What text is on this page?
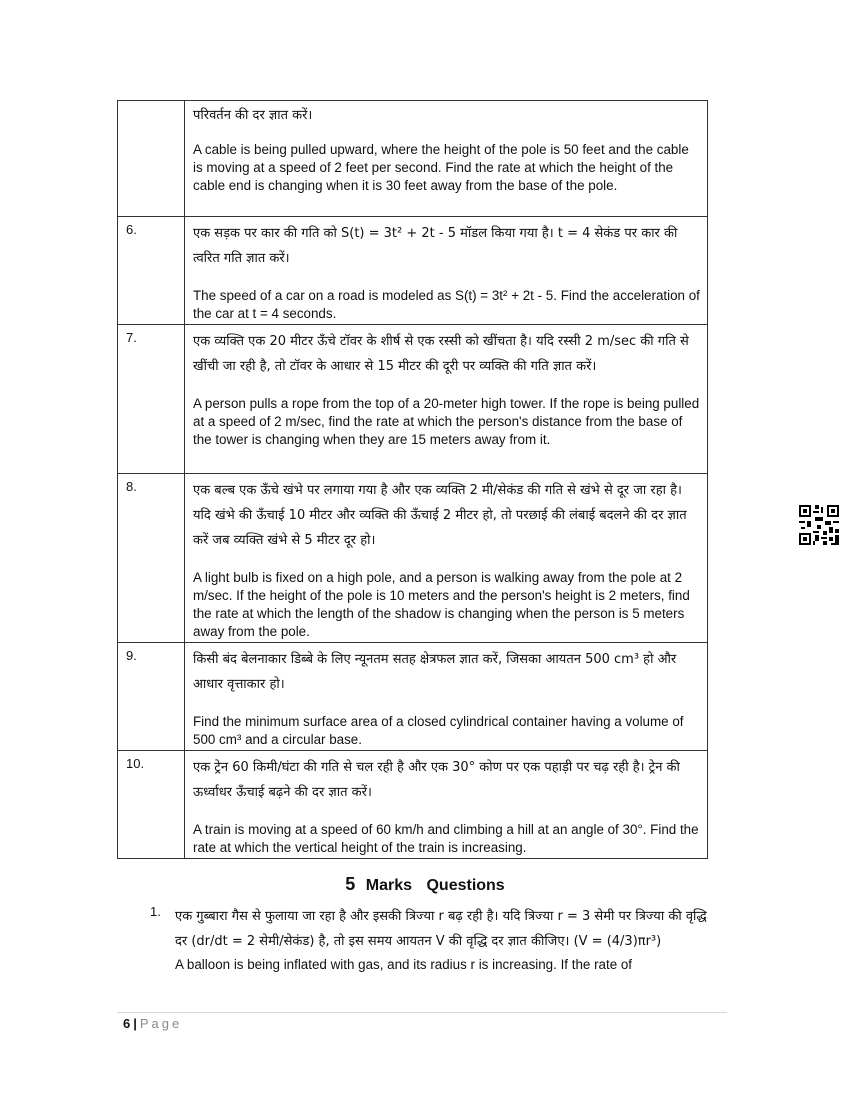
	परिवर्तन की दर ज्ञात करें।

A cable is being pulled upward, where the height of the pole is 50 feet and the cable is moving at a speed of 2 feet per second. Find the rate at which the height of the cable end is changing when it is 30 feet away from the base of the pole.

6.	एक सड़क पर कार की गति को S(t) = 3t² + 2t - 5 मॉडल किया गया है। t = 4 सेकंड पर कार की त्वरित गति ज्ञात करें।

The speed of a car on a road is modeled as S(t) = 3t² + 2t - 5. Find the acceleration of the car at t = 4 seconds.

7.	एक व्यक्ति एक 20 मीटर ऊँचे टॉवर के शीर्ष से एक रस्सी को खींचता है। यदि रस्सी 2 m/sec की गति से खींची जा रही है, तो टॉवर के आधार से 15 मीटर की दूरी पर व्यक्ति की गति ज्ञात करें।

A person pulls a rope from the top of a 20-meter high tower. If the rope is being pulled at a speed of 2 m/sec, find the rate at which the person's distance from the base of the tower is changing when they are 15 meters away from it.

8.	एक बल्ब एक ऊँचे खंभे पर लगाया गया है और एक व्यक्ति 2 मी/सेकंड की गति से खंभे से दूर जा रहा है। यदि खंभे की ऊँचाई 10 मीटर और व्यक्ति की ऊँचाई 2 मीटर हो, तो परछाई की लंबाई बदलने की दर ज्ञात करें जब व्यक्ति खंभे से 5 मीटर दूर हो।

A light bulb is fixed on a high pole, and a person is walking away from the pole at 2 m/sec. If the height of the pole is 10 meters and the person's height is 2 meters, find the rate at which the length of the shadow is changing when the person is 5 meters away from the pole.

9.	किसी बंद बेलनाकार डिब्बे के लिए न्यूनतम सतह क्षेत्रफल ज्ञात करें, जिसका आयतन 500 cm³ हो और आधार वृत्ताकार हो।

Find the minimum surface area of a closed cylindrical container having a volume of 500 cm³ and a circular base.

10.	एक ट्रेन 60 किमी/घंटा की गति से चल रही है और एक 30° कोण पर एक पहाड़ी पर चढ़ रही है। ट्रेन की ऊर्ध्वाधर ऊँचाई बढ़ने की दर ज्ञात करें।

A train is moving at a speed of 60 km/h and climbing a hill at an angle of 30°. Find the rate at which the vertical height of the train is increasing.

5 Marks Questions
1. एक गुब्बारा गैस से फुलाया जा रहा है और इसकी त्रिज्या r बढ़ रही है। यदि त्रिज्या r = 3 सेमी पर त्रिज्या की वृद्धि दर (dr/dt = 2 सेमी/सेकंड) है, तो इस समय आयतन V की वृद्धि दर ज्ञात कीजिए। (V = (4/3)πr³)

A balloon is being inflated with gas, and its radius r is increasing. If the rate of

6 | Page
